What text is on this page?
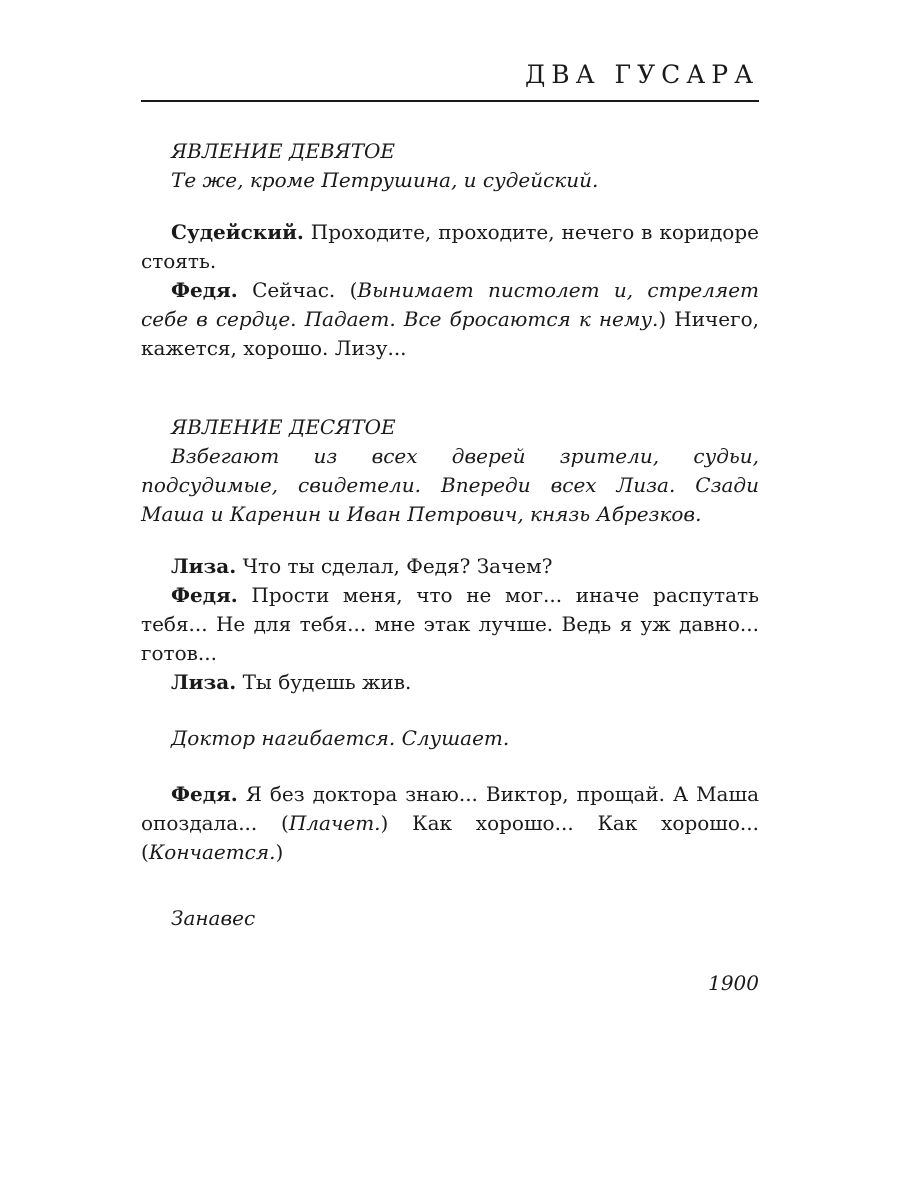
ДВА ГУСАРА

ЯВЛЕНИЕ ДЕВЯТОЕ

Те же, кроме Петрушина, и судейский.

Судейский. Проходите, проходите, нечего в коридоре стоять.

Федя. Сейчас. (Вынимает пистолет и, стреляет себе в сердце. Падает. Все бросаются к нему.) Ничего, кажется, хорошо. Лизу...

ЯВЛЕНИЕ ДЕСЯТОЕ

Взбегают из всех дверей зрители, судьи, подсудимые, свидетели. Впереди всех Лиза. Сзади Маша и Каренин и Иван Петрович, князь Абрезков.

Лиза. Что ты сделал, Федя? Зачем?

Федя. Прости меня, что не мог... иначе распутать тебя... Не для тебя... мне этак лучше. Ведь я уж давно... готов...

Лиза. Ты будешь жив.

Доктор нагибается. Слушает.

Федя. Я без доктора знаю... Виктор, прощай. А Маша опоздала... (Плачет.) Как хорошо... Как хорошо... (Кончается.)

Занавес

1900
